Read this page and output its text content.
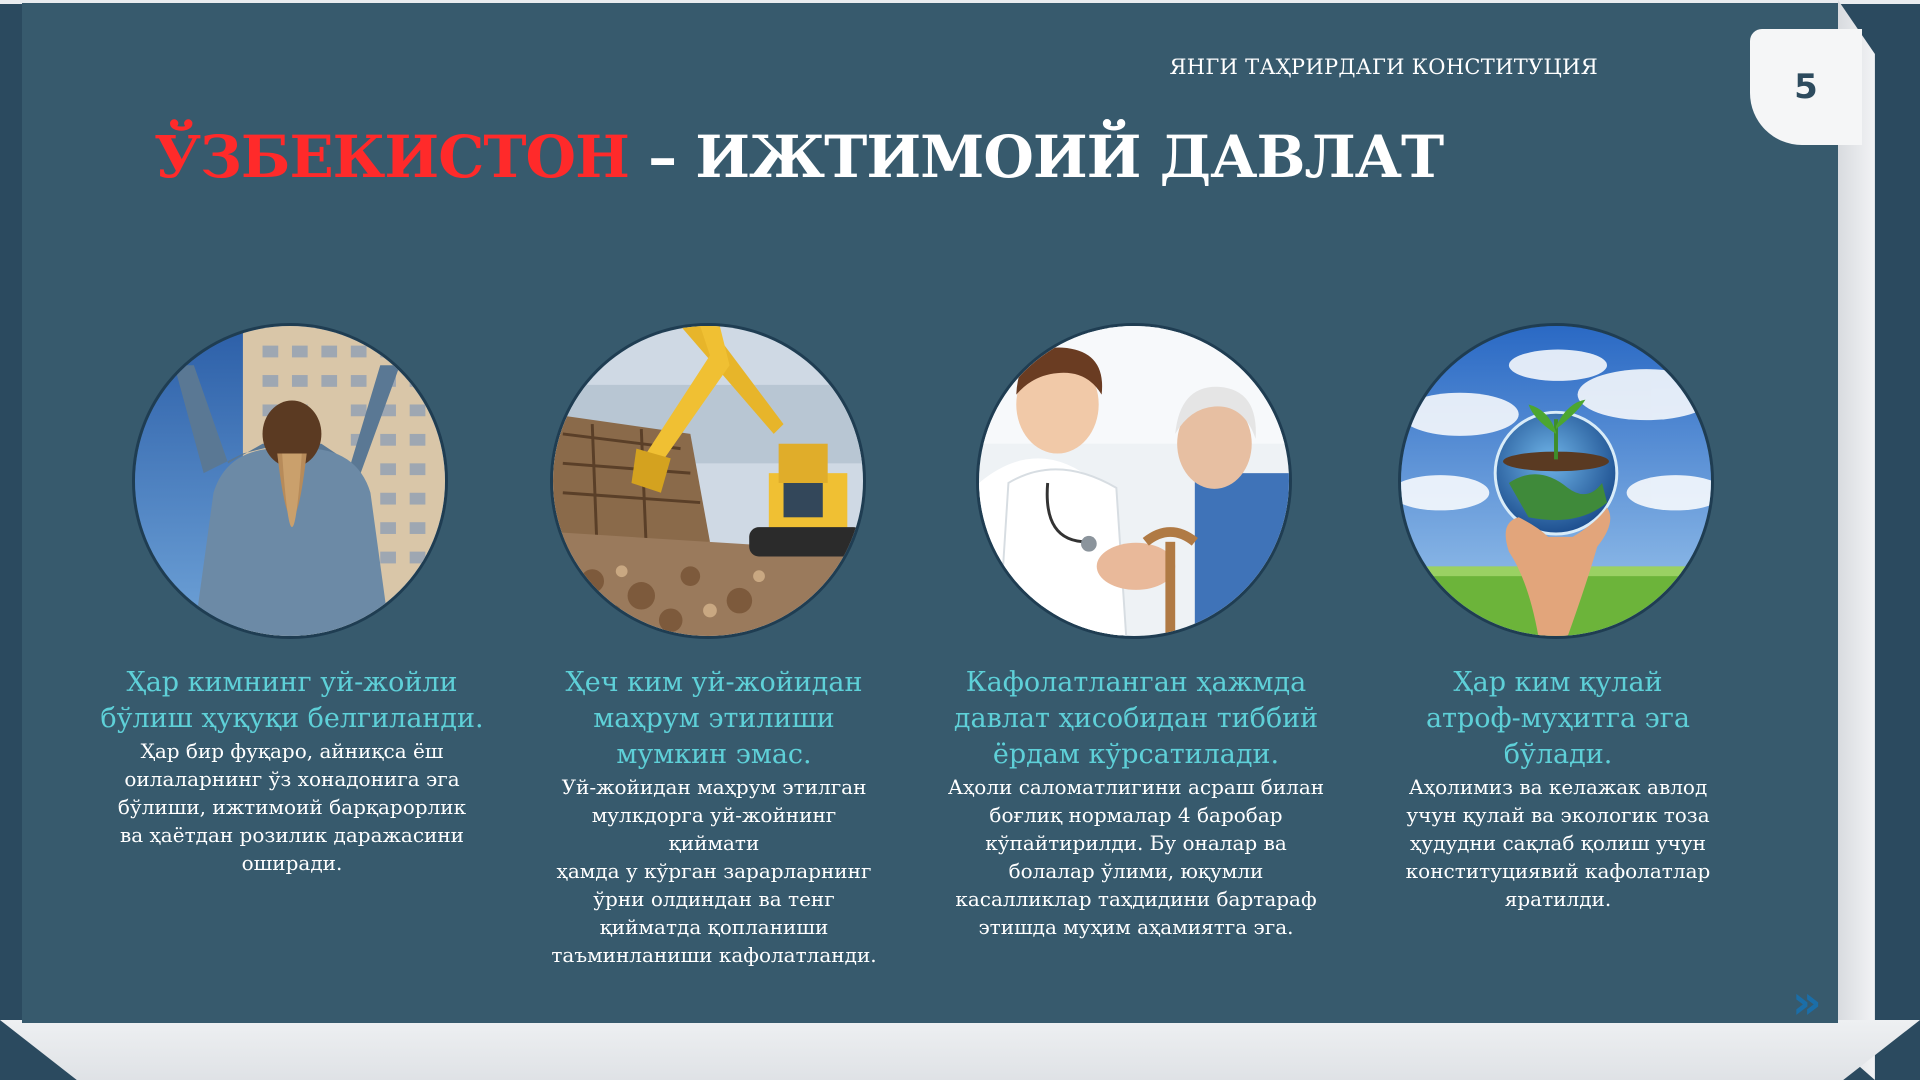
ЯНГИ ТАҲРИРДАГИ КОНСТИТУЦИЯ	5
ЎЗБЕКИСТОН – ИЖТИМОИЙ ДАВЛАТ
Ҳар кимнинг уй-жойли
бўлиш ҳуқуқи белгиланди.
Ҳар бир фуқаро, айниқса ёш
оилаларнинг ўз хонадонига эга
бўлиши, ижтимоий барқарорлик
ва ҳаётдан розилик даражасини
оширади.
Ҳеч ким уй-жойидан
маҳрум этилиши
мумкин эмас.
Уй-жойидан маҳрум этилган
мулкдорга уй-жойнинг
қиймати
ҳамда у кўрган зарарларнинг
ўрни олдиндан ва тенг
қийматда қопланиши
таъминланиши кафолатланди.
Кафолатланган ҳажмда
давлат ҳисобидан тиббий
ёрдам кўрсатилади.
Аҳоли саломатлигини асраш билан
боғлиқ нормалар 4 баробар
кўпайтирилди. Бу оналар ва
болалар ўлими, юқумли
касалликлар таҳдидини бартараф
этишда муҳим аҳамиятга эга.
Ҳар ким қулай
атроф-муҳитга эга
бўлади.
Аҳолимиз ва келажак авлод
учун қулай ва экологик тоза
ҳудудни сақлаб қолиш учун
конституциявий кафолатлар
яратилди.
»
